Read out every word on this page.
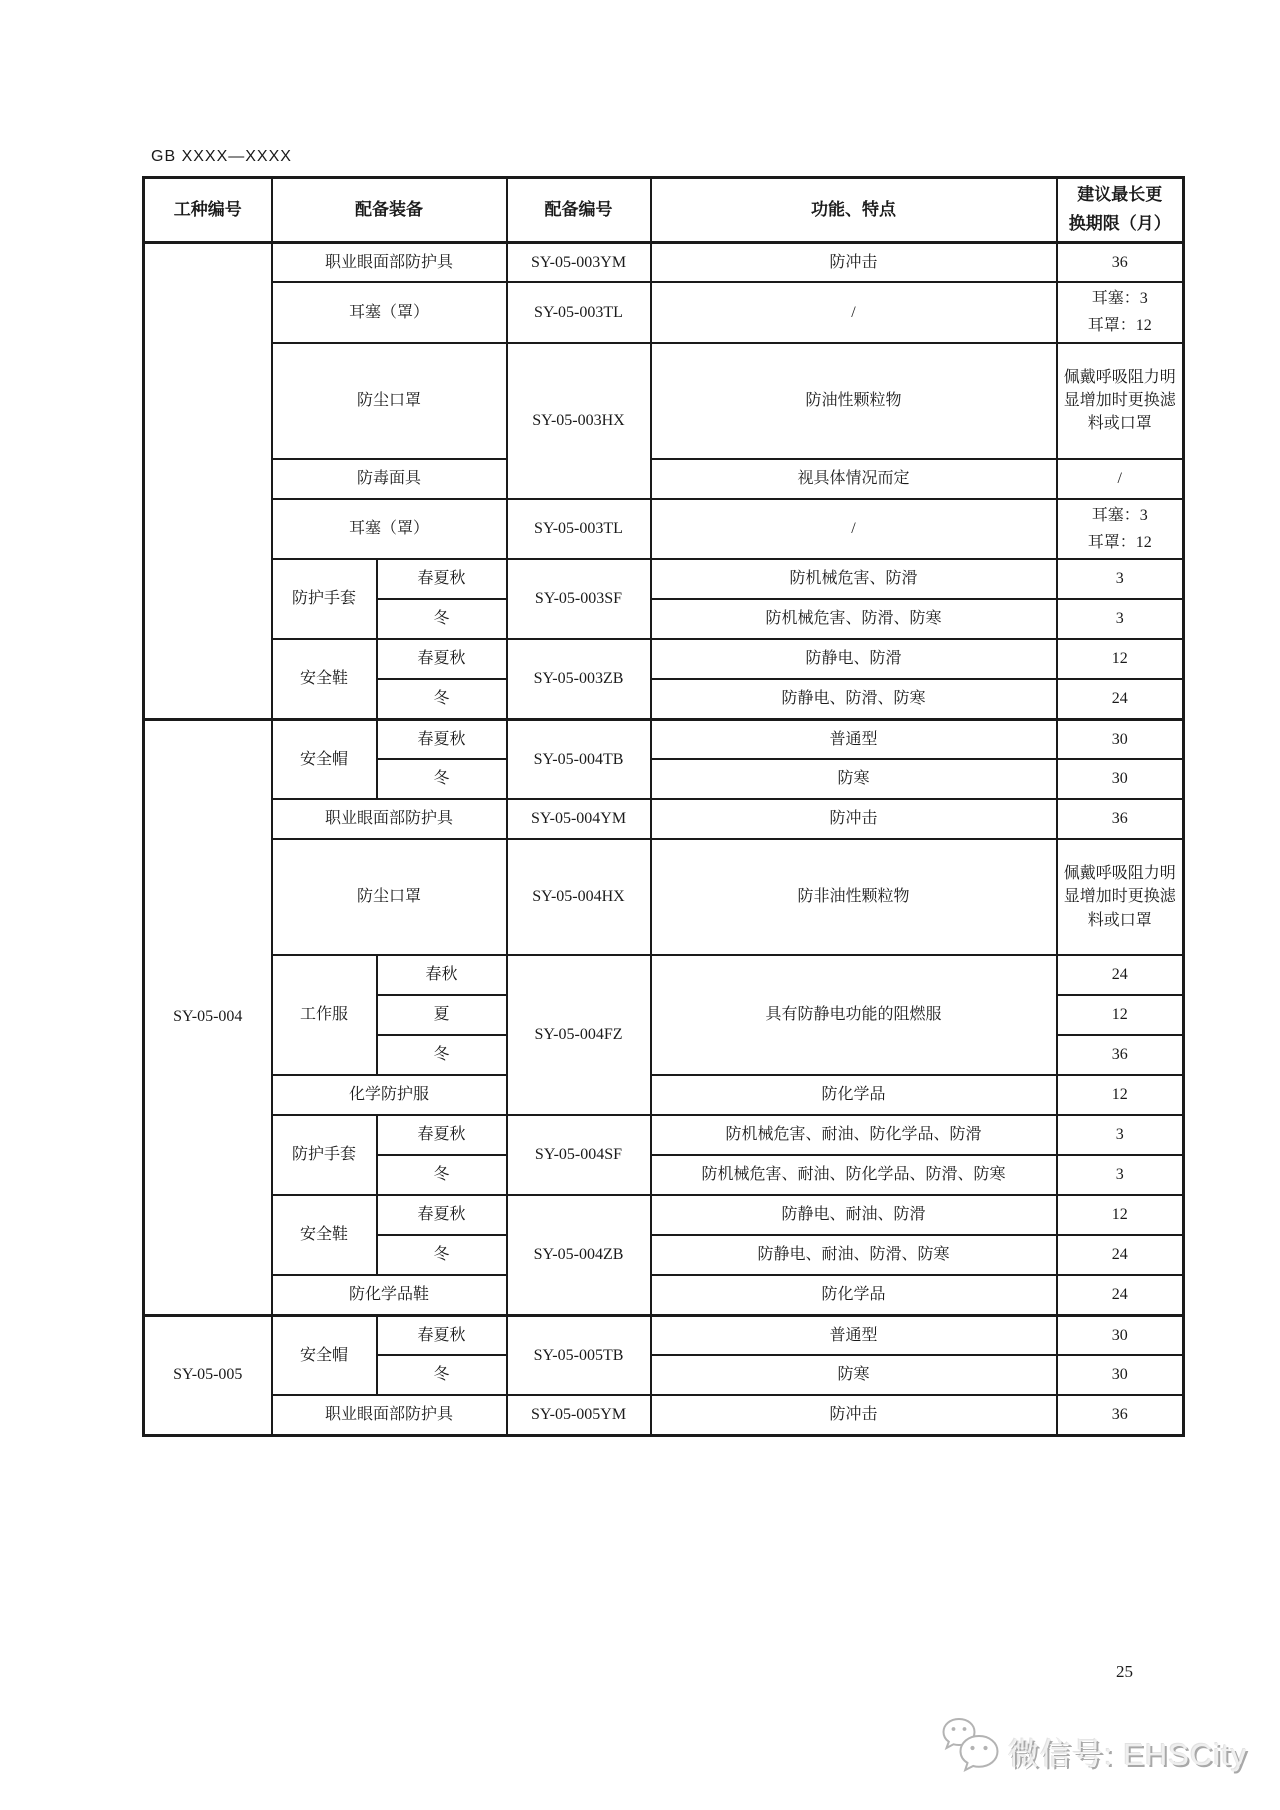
GB XXXX—XXXX
工种编号	配备装备		配备编号	功能、特点	建议最长更
换期限（月）

	职业眼面部防护具		SY-05-003YM	防冲击	36
	耳塞（罩）		SY-05-003TL	/	耳塞：3
耳罩：12

	防尘口罩		SY-05-003HX	防油性颗粒物	佩戴呼吸阻力明显增加时更换滤料或口罩
	防毒面具			视具体情况而定	/
	耳塞（罩）		SY-05-003TL	/	耳塞：3
耳罩：12

	防护手套	春夏秋	SY-05-003SF	防机械危害、防滑	3
		冬		防机械危害、防滑、防寒	3
	安全鞋	春夏秋	SY-05-003ZB	防静电、防滑	12
		冬		防静电、防滑、防寒	24
SY-05-004	安全帽	春夏秋	SY-05-004TB	普通型	30
		冬		防寒	30
	职业眼面部防护具		SY-05-004YM	防冲击	36
	防尘口罩		SY-05-004HX	防非油性颗粒物	佩戴呼吸阻力明显增加时更换滤料或口罩
	工作服	春秋	SY-05-004FZ	具有防静电功能的阻燃服	24
		夏			12
		冬			36
	化学防护服			防化学品	12
	防护手套	春夏秋	SY-05-004SF	防机械危害、耐油、防化学品、防滑	3
		冬		防机械危害、耐油、防化学品、防滑、防寒	3
	安全鞋	春夏秋	SY-05-004ZB	防静电、耐油、防滑	12
		冬		防静电、耐油、防滑、防寒	24
	防化学品鞋			防化学品	24
SY-05-005	安全帽	春夏秋	SY-05-005TB	普通型	30
		冬		防寒	30
	职业眼面部防护具		SY-05-005YM	防冲击	36
25
微信号: EHSCity
